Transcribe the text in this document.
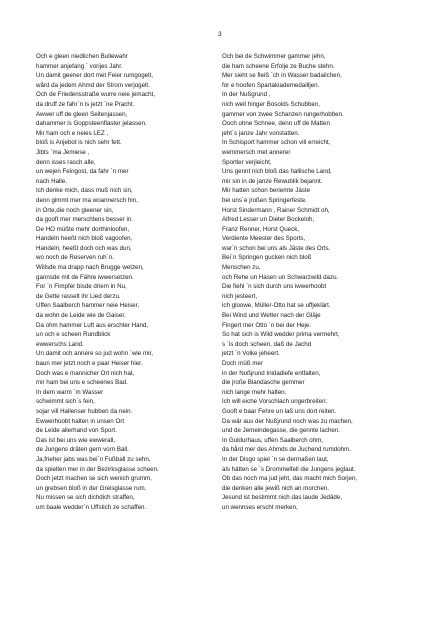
3
Och e gleen niedlichen Bullewahr
hammer anjefang ` vorijes Jahr.
Un damit geener dort met Feier rumgogelt,
wård da jedem Ahmd der Strom verjogelt.
Och de Friedensstraße wurre neie jemacht,
da druff ze fahr`n is jetzt `ne Pracht.
Awwer uff de gleen Seitenjassen,
dahammer is Goppsteenflaster jelassen.
Mir ham och e neies LEZ ,
bloß is Anjebot is nich sehr fett.
Jibts `ma Jemiese ,
denn isses rasch alle,
un wejen Feingost, da fahr `n mer
nach Halle.
Ich denke mich, dass muß nich sin,
denn gimmt mer ma woannersch hin,
in Orte,die noch gleener sin,
da gooft mer merschtens besser in.
De HO müßte mehr dorthinloofen,
Handeln heeßt nich bloß vagoofen,
Handeln, heeßt doch och was dun,
wo noch de Reserven ruh`n.
Willsde ma drapp nach Brugge wetzen,
gannsde mit de Fähre iwwersetzen.
For `n Fimpfer bisde driem in Nu,
de Gette rasselt ihr Lied derzu.
Uffen Saalberch hammer neie Heiser,
da wohn de Leide wie de Gaiser.
Da ohm hammer Luft aus erschter Hand,
un och e scheen Rundblick
ewwerschs Land.
Un damit och annere so jud wohn `wie mir,
baun mer jetzt noch e paar Heiser hier.
Doch was e mannicher Ort nich hat,
mir ham bei uns e scheenes Bad.
In dem warm `m Wasser
schwimmt sich`s fein,
sojar vill Hallenser hubben da nein.
Ewwerhoobt halten in unsen Ort
de Leide allerhand von Sport.
Das ist bei uns wie ewwerall,
de Jungens dräten gern vorn Ball.
Ja,frieher jabs was bei`n Fußball zu sehn,
da spielten mer in der Bezirksglasse scheen.
Doch jetzt machen se sich wenich grumm,
un grebsen bloß in der Greisglasse rum.
Nu missen se sich dichdich straffen,
um baale wedder`n Uffstich ze schaffen.
Och bei de Schwimmer gammer jehn,
die ham scheene Erfolje ze Buche stehn.
Mer sieht se fleiß `ch in Wasser badailchen,
for e hoofen Spartakiademedailljen.
In der Nußgrund ,
nich weit hinger Bosolds Schubben,
gammer von zwee Schanzen rungerhobben.
Ooch ohne Schnee, denn uff de Matten
jeht`s janze Jahr vonstatten.
In Schisport hammer schon vill erreicht,
wemmersch met annerer
Sportler verjleicht.
Uns gennt nich bloß das hallische Land,
mir sin in de janze Rewublik bejannt.
Mir hatten schon beriemte Jäste
bei uns`e jroßen Springerfeste.
Horst Sindermann , Rainer Schmidt oh,
Alfred Lesser un Dieter Bockeloh,
Franz Renner, Horst Queck,
Verdiente Meester des Sports,
war`n schon bei uns als Jäste des Orts.
Bei`n Springen gucken nich bloß
Menschen zu,
och Rehe un Hasen un Schwarzwild dazu.
Die fiehl `n sich durch uns iwwerhoobt
nich jesteert,
ich gloowe, Müller-Otto hat se uffjeklärt.
Bei Wind und Wetter nach der Gläje
Fingert mer Otto `n bei der Heje.
So hat sich is Wild wedder prima vermehrt,
s `is doch scheen, daß de Jachd
jetzt `n Volke jeheert.
Doch müß mer
in der Nußjrund Inidadiefe entfalten,
die jroße Blandasche gemmer
nich lange mehr halten.
Ich will eiche Vorschlach ungerbreiten:
Gooft e baar Fehre un laß uns dort reiten.
Da wär aus der Nußjrund noch was zu machen,
und de Jemeindegasse, die gennte lachen.
In Guldurhaus, uffen Saalberch ohm,
da hård mer des Ahmds de Juchend rumdohm.
In der Disgo spiel `n se dermaßen laut,
als hätten se `s Drommelfell die Jungens jeglaut.
Ob das noch ma jud jeht, das macht mich Sorjen,
die denken alle jewiß nich an morchen.
Jesund ist bestimmt nich das laude Jedäde,
un wennses erscht merken,
